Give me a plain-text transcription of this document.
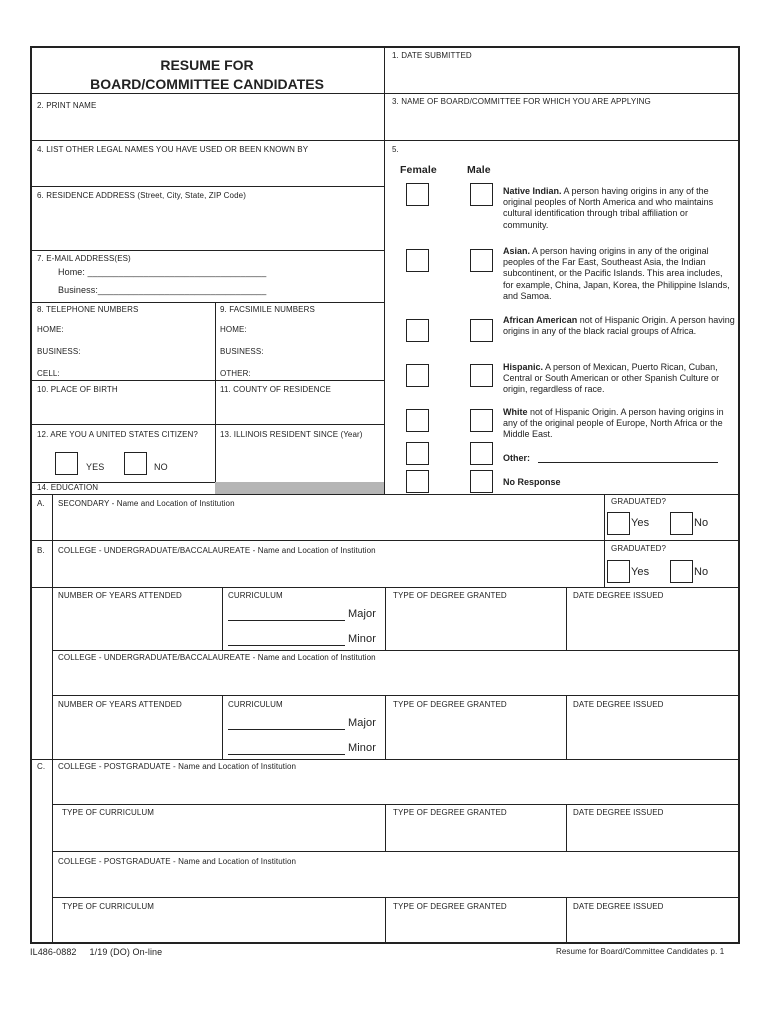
RESUME FOR
BOARD/COMMITTEE CANDIDATES
1. DATE SUBMITTED
2. PRINT NAME	3. NAME OF BOARD/COMMITTEE FOR WHICH YOU ARE APPLYING
4. LIST OTHER LEGAL NAMES YOU HAVE USED OR BEEN KNOWN BY
6. RESIDENCE ADDRESS (Street, City, State, ZIP Code)
7. E-MAIL ADDRESS(ES)
Home: ___________________________________
Business:_________________________________
8. TELEPHONE NUMBERS	9. FACSIMILE NUMBERS
HOME:
BUSINESS:
CELL:
HOME:
BUSINESS:
OTHER:
10. PLACE OF BIRTH	11. COUNTY OF RESIDENCE
12. ARE YOU A UNITED STATES CITIZEN?	13. ILLINOIS RESIDENT SINCE (Year)
YES	NO
14. EDUCATION
5.
Female	Male
Native Indian. A person having origins in any of the original peoples of North America and who maintains cultural identification through tribal affiliation or community.
Asian. A person having origins in any of the original peoples of the Far East, Southeast Asia, the Indian subcontinent, or the Pacific Islands. This area includes, for example, China, Japan, Korea, the Philippine Islands, and Samoa.
African American not of Hispanic Origin. A person having origins in any of the black racial groups of Africa.
Hispanic. A person of Mexican, Puerto Rican, Cuban, Central or South American or other Spanish Culture or origin, regardless of race.
White not of Hispanic Origin. A person having origins in any of the original people of Europe, North Africa or the Middle East.
Other:
No Response
A. SECONDARY - Name and Location of Institution	GRADUATED?
Yes	No
B. COLLEGE - UNDERGRADUATE/BACCALAUREATE - Name and Location of Institution	GRADUATED?
Yes	No
NUMBER OF YEARS ATTENDED	CURRICULUM
Major
Minor
TYPE OF DEGREE GRANTED	DATE DEGREE ISSUED
COLLEGE - UNDERGRADUATE/BACCALAUREATE - Name and Location of Institution
NUMBER OF YEARS ATTENDED	CURRICULUM
Major
Minor
TYPE OF DEGREE GRANTED	DATE DEGREE ISSUED
C. COLLEGE - POSTGRADUATE - Name and Location of Institution
TYPE OF CURRICULUM	TYPE OF DEGREE GRANTED	DATE DEGREE ISSUED
COLLEGE - POSTGRADUATE - Name and Location of Institution
TYPE OF CURRICULUM	TYPE OF DEGREE GRANTED	DATE DEGREE ISSUED
IL486-0882     1/19 (DO) On-line	Resume for Board/Committee Candidates p. 1
